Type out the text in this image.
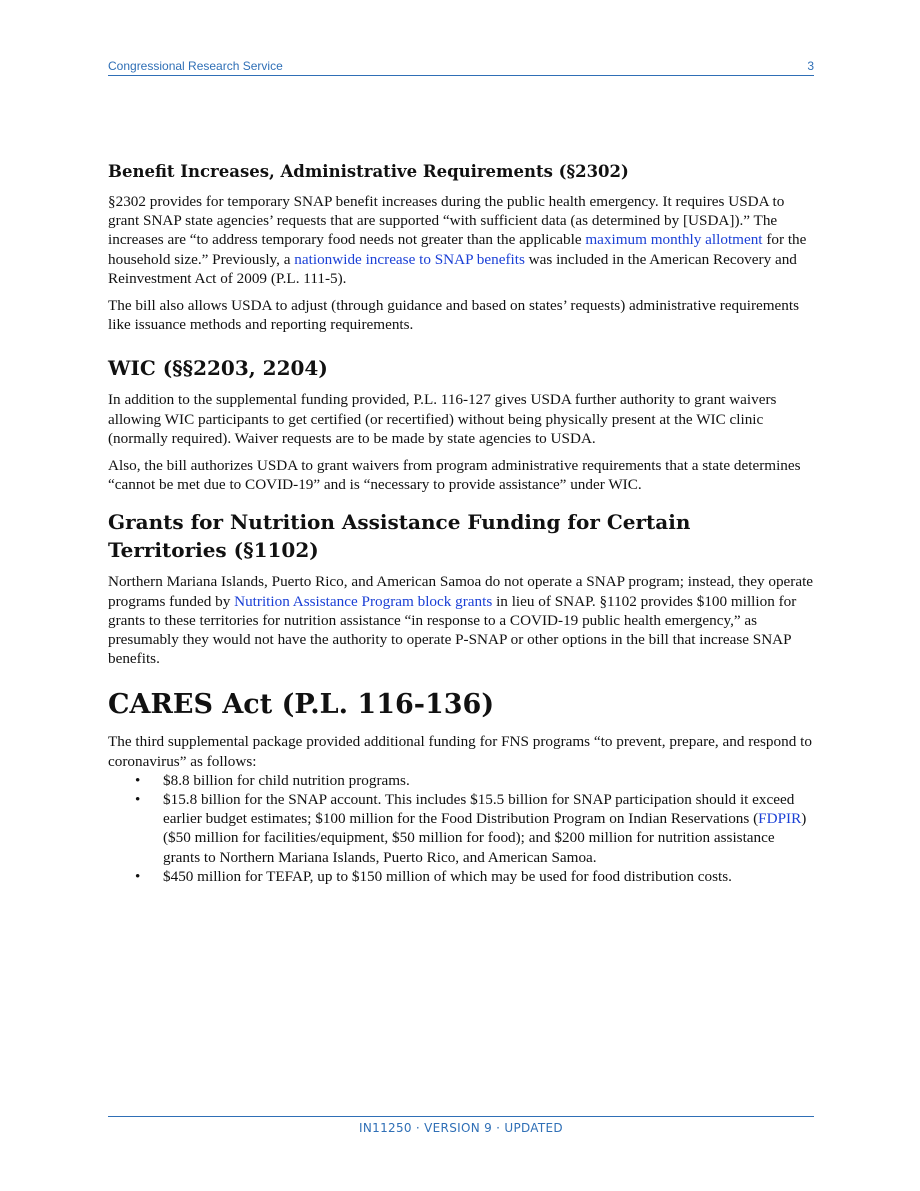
Congressional Research Service	3
Benefit Increases, Administrative Requirements (§2302)

§2302 provides for temporary SNAP benefit increases during the public health emergency. It requires USDA to grant SNAP state agencies’ requests that are supported “with sufficient data (as determined by [USDA]).” The increases are “to address temporary food needs not greater than the applicable maximum monthly allotment for the household size.” Previously, a nationwide increase to SNAP benefits was included in the American Recovery and Reinvestment Act of 2009 (P.L. 111-5).

The bill also allows USDA to adjust (through guidance and based on states’ requests) administrative requirements like issuance methods and reporting requirements.

WIC (§§2203, 2204)

In addition to the supplemental funding provided, P.L. 116-127 gives USDA further authority to grant waivers allowing WIC participants to get certified (or recertified) without being physically present at the WIC clinic (normally required). Waiver requests are to be made by state agencies to USDA.

Also, the bill authorizes USDA to grant waivers from program administrative requirements that a state determines “cannot be met due to COVID-19” and is “necessary to provide assistance” under WIC.

Grants for Nutrition Assistance Funding for Certain Territories (§1102)

Northern Mariana Islands, Puerto Rico, and American Samoa do not operate a SNAP program; instead, they operate programs funded by Nutrition Assistance Program block grants in lieu of SNAP. §1102 provides $100 million for grants to these territories for nutrition assistance “in response to a COVID-19 public health emergency,” as presumably they would not have the authority to operate P-SNAP or other options in the bill that increase SNAP benefits.

CARES Act (P.L. 116-136)

The third supplemental package provided additional funding for FNS programs “to prevent, prepare, and respond to coronavirus” as follows:

• $8.8 billion for child nutrition programs.
• $15.8 billion for the SNAP account. This includes $15.5 billion for SNAP participation should it exceed earlier budget estimates; $100 million for the Food Distribution Program on Indian Reservations (FDPIR) ($50 million for facilities/equipment, $50 million for food); and $200 million for nutrition assistance grants to Northern Mariana Islands, Puerto Rico, and American Samoa.
• $450 million for TEFAP, up to $150 million of which may be used for food distribution costs.
IN11250 · VERSION 9 · UPDATED
